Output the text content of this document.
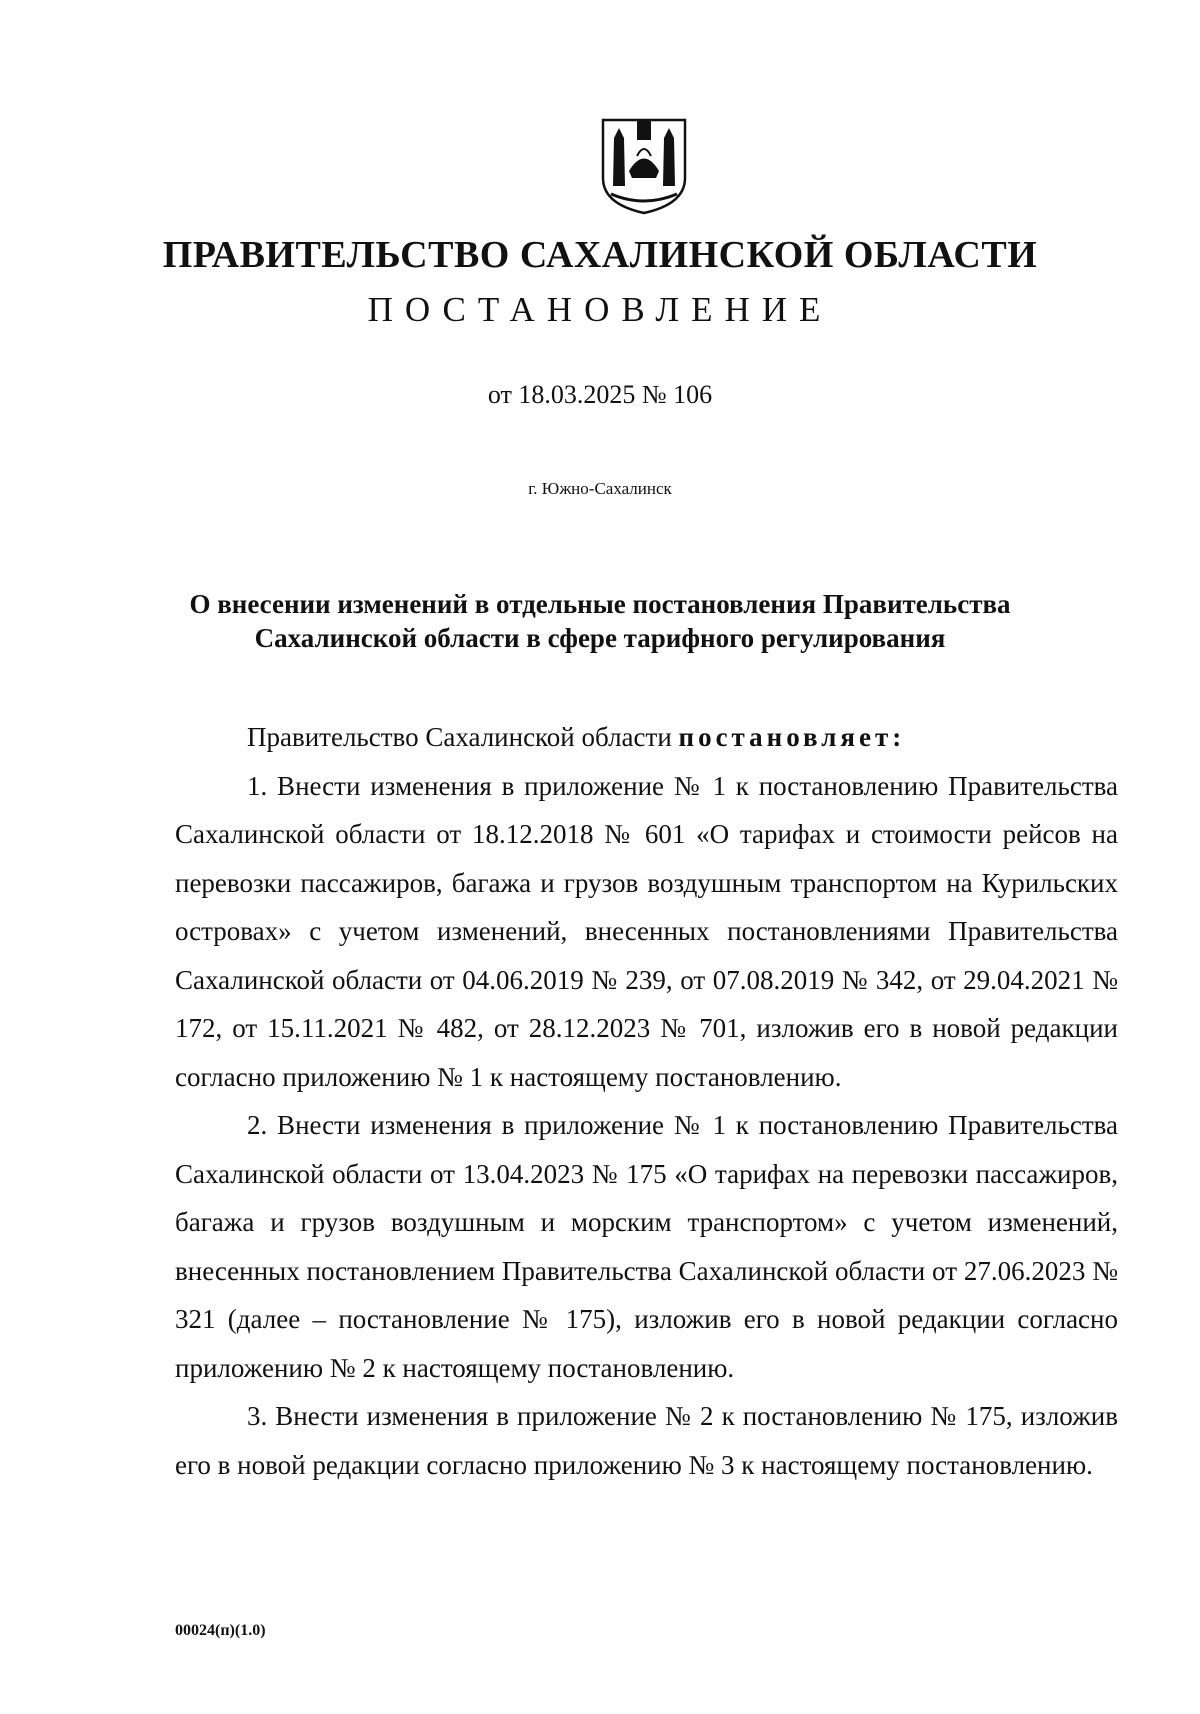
ПРАВИТЕЛЬСТВО САХАЛИНСКОЙ ОБЛАСТИ
ПОСТАНОВЛЕНИЕ
от 18.03.2025 № 106
г. Южно-Сахалинск
О внесении изменений в отдельные постановления Правительства
Сахалинской области в сфере тарифного регулирования

Правительство Сахалинской области постановляет:

1. Внести изменения в приложение № 1 к постановлению Правительства Сахалинской области от 18.12.2018 № 601 «О тарифах и стоимости рейсов на перевозки пассажиров, багажа и грузов воздушным транспортом на Курильских островах» с учетом изменений, внесенных постановлениями Правительства Сахалинской области от 04.06.2019 № 239, от 07.08.2019 № 342, от 29.04.2021 № 172, от 15.11.2021 № 482, от 28.12.2023 № 701, изложив его в новой редакции согласно приложению № 1 к настоящему постановлению.

2. Внести изменения в приложение № 1 к постановлению Правительства Сахалинской области от 13.04.2023 № 175 «О тарифах на перевозки пассажиров, багажа и грузов воздушным и морским транспортом» с учетом изменений, внесенных постановлением Правительства Сахалинской области от 27.06.2023 № 321 (далее – постановление № 175), изложив его в новой редакции согласно приложению № 2 к настоящему постановлению.

3. Внести изменения в приложение № 2 к постановлению № 175, изложив его в новой редакции согласно приложению № 3 к настоящему постановлению.

00024(п)(1.0)
